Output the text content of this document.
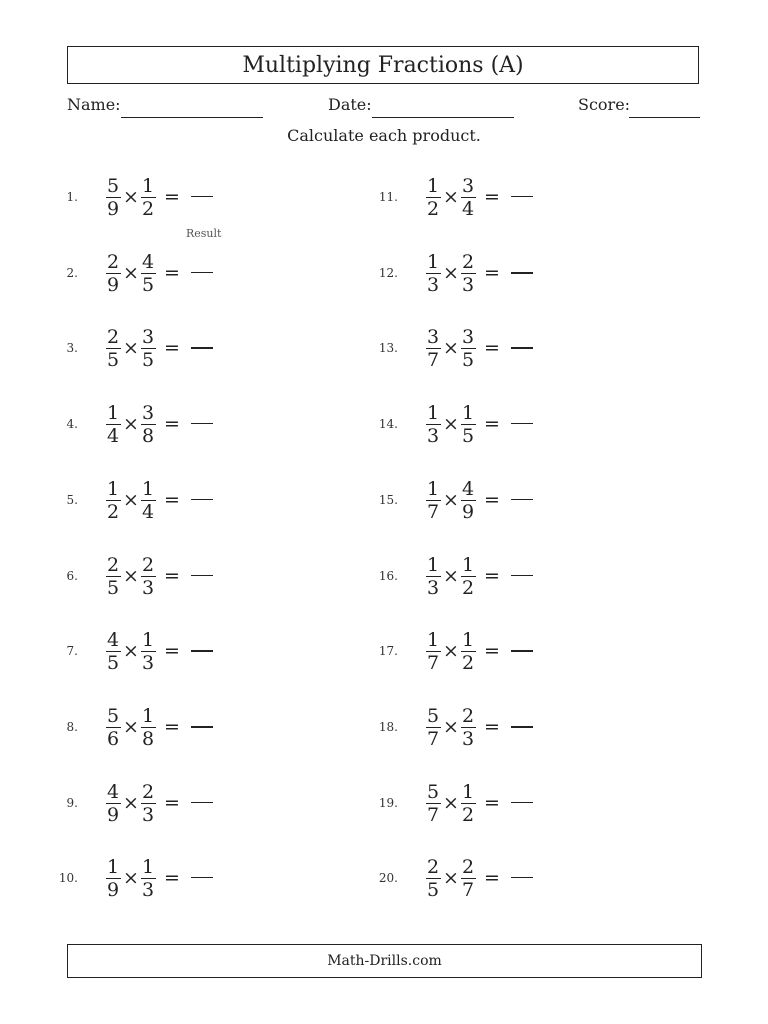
Multiplying Fractions (A)
Name:	Date:	Score:
Calculate each product.
1.
5
9
×
1
2
=
2.
2
9
×
4
5
=
3.
2
5
×
3
5
=
4.
1
4
×
3
8
=
5.
1
2
×
1
4
=
6.
2
5
×
2
3
=
7.
4
5
×
1
3
=
8.
5
6
×
1
8
=
9.
4
9
×
2
3
=
10.
1
9
×
1
3
=
11.
1
2
×
3
4
=
12.
1
3
×
2
3
=
13.
3
7
×
3
5
=
14.
1
3
×
1
5
=
15.
1
7
×
4
9
=
16.
1
3
×
1
2
=
17.
1
7
×
1
2
=
18.
5
7
×
2
3
=
19.
5
7
×
1
2
=
20.
2
5
×
2
7
=
Result
Math-Drills.com
